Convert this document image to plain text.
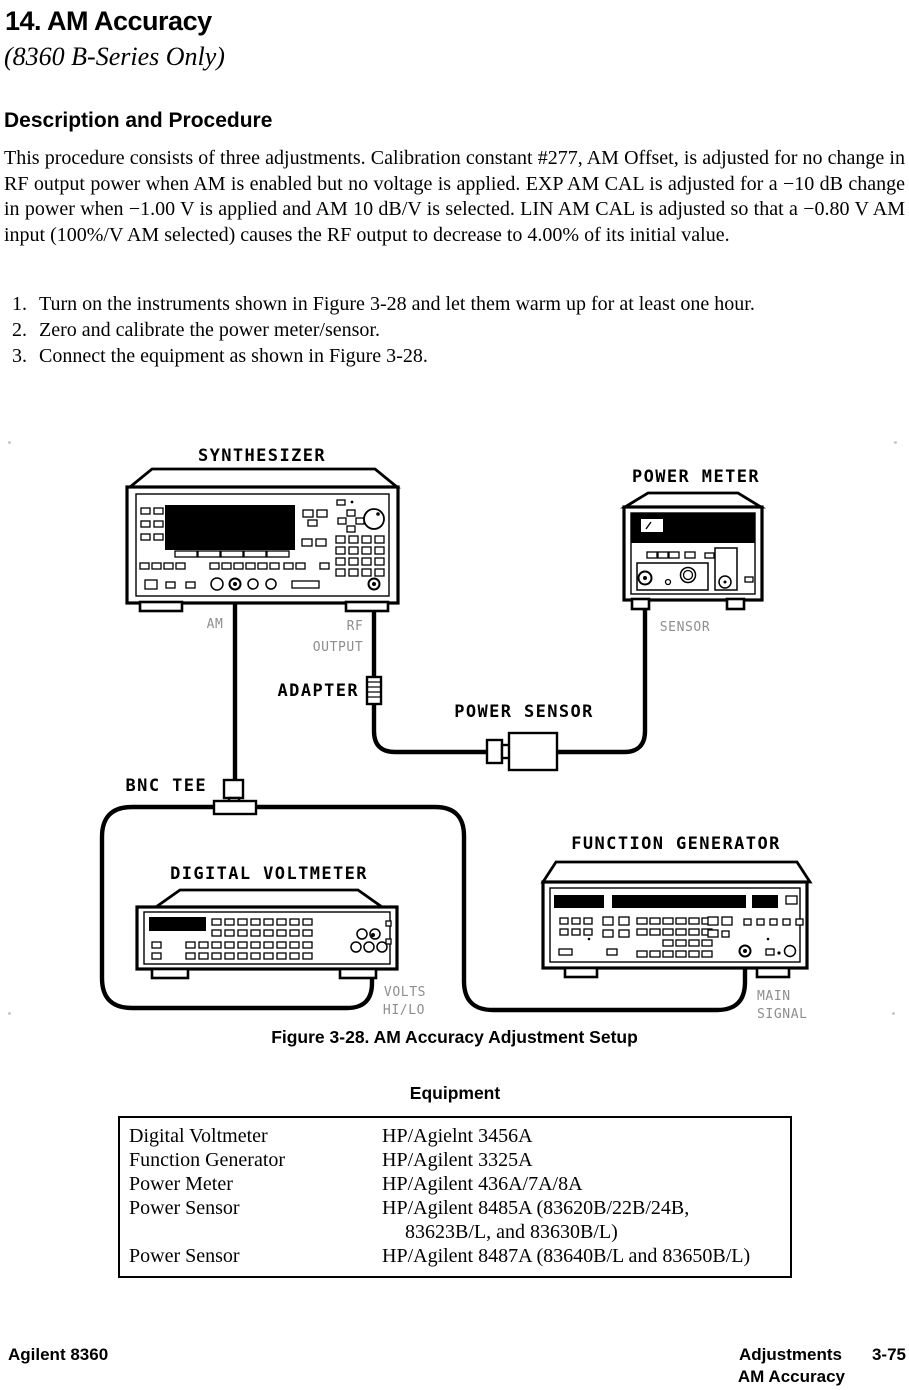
14. AM Accuracy
(8360 B-Series Only)
Description and Procedure
This procedure consists of three adjustments. Calibration constant #277, AM Offset, is adjusted for no change in RF output power when AM is enabled but no voltage is applied. EXP AM CAL is adjusted for a −10 dB change in power when −1.00 V is applied and AM 10 dB/V is selected. LIN AM CAL is adjusted so that a −0.80 V AM input (100%/V AM selected) causes the RF output to decrease to 4.00% of its initial value.
1. Turn on the instruments shown in Figure 3-28 and let them warm up for at least one hour.
2. Zero and calibrate the power meter/sensor.
3. Connect the equipment as shown in Figure 3-28.
SYNTHESIZER
AM	RF
OUTPUT
POWER METER
SENSOR
ADAPTER
POWER SENSOR
BNC TEE
DIGITAL VOLTMETER
VOLTS
HI/LO
FUNCTION GENERATOR
MAIN
SIGNAL
Figure 3-28. AM Accuracy Adjustment Setup
Equipment
Digital Voltmeter	HP/Agielnt 3456A
Function Generator	HP/Agilent 3325A
Power Meter	HP/Agilent 436A/7A/8A
Power Sensor	HP/Agilent 8485A (83620B/22B/24B,
83623B/L, and 83630B/L)
Power Sensor	HP/Agilent 8487A (83640B/L and 83650B/L)
Agilent 8360	Adjustments 3-75
AM Accuracy
